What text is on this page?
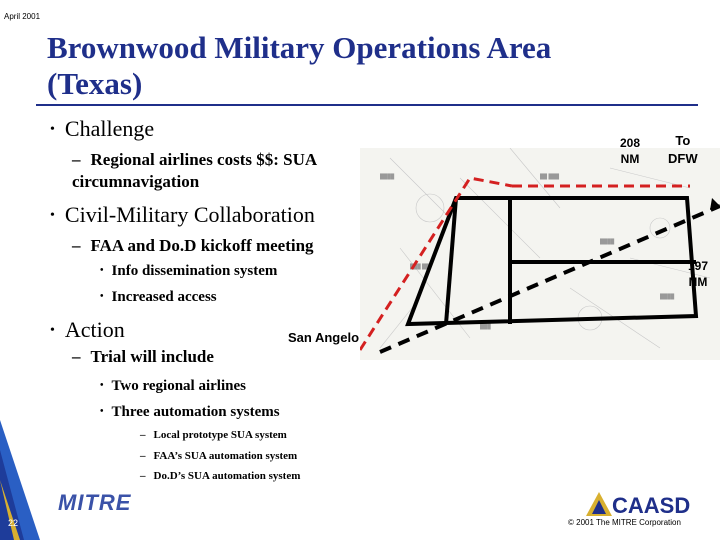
April 2001
Brownwood Military Operations Area
(Texas)
• Challenge
– Regional airlines costs $$: SUA circumnavigation
• Civil-Military Collaboration
– FAA and Do.D kickoff meeting
• Info dissemination system
• Increased access
• Action
– Trial will include
• Two regional airlines
• Three automation systems
– Local prototype SUA system
– FAA’s SUA automation system
– Do.D’s SUA automation system
████
███ ██
██ ███
████
███
████
208
NM
To
DFW
197
NM
San Angelo
22
MITRE	CAASD
© 2001 The MITRE Corporation
